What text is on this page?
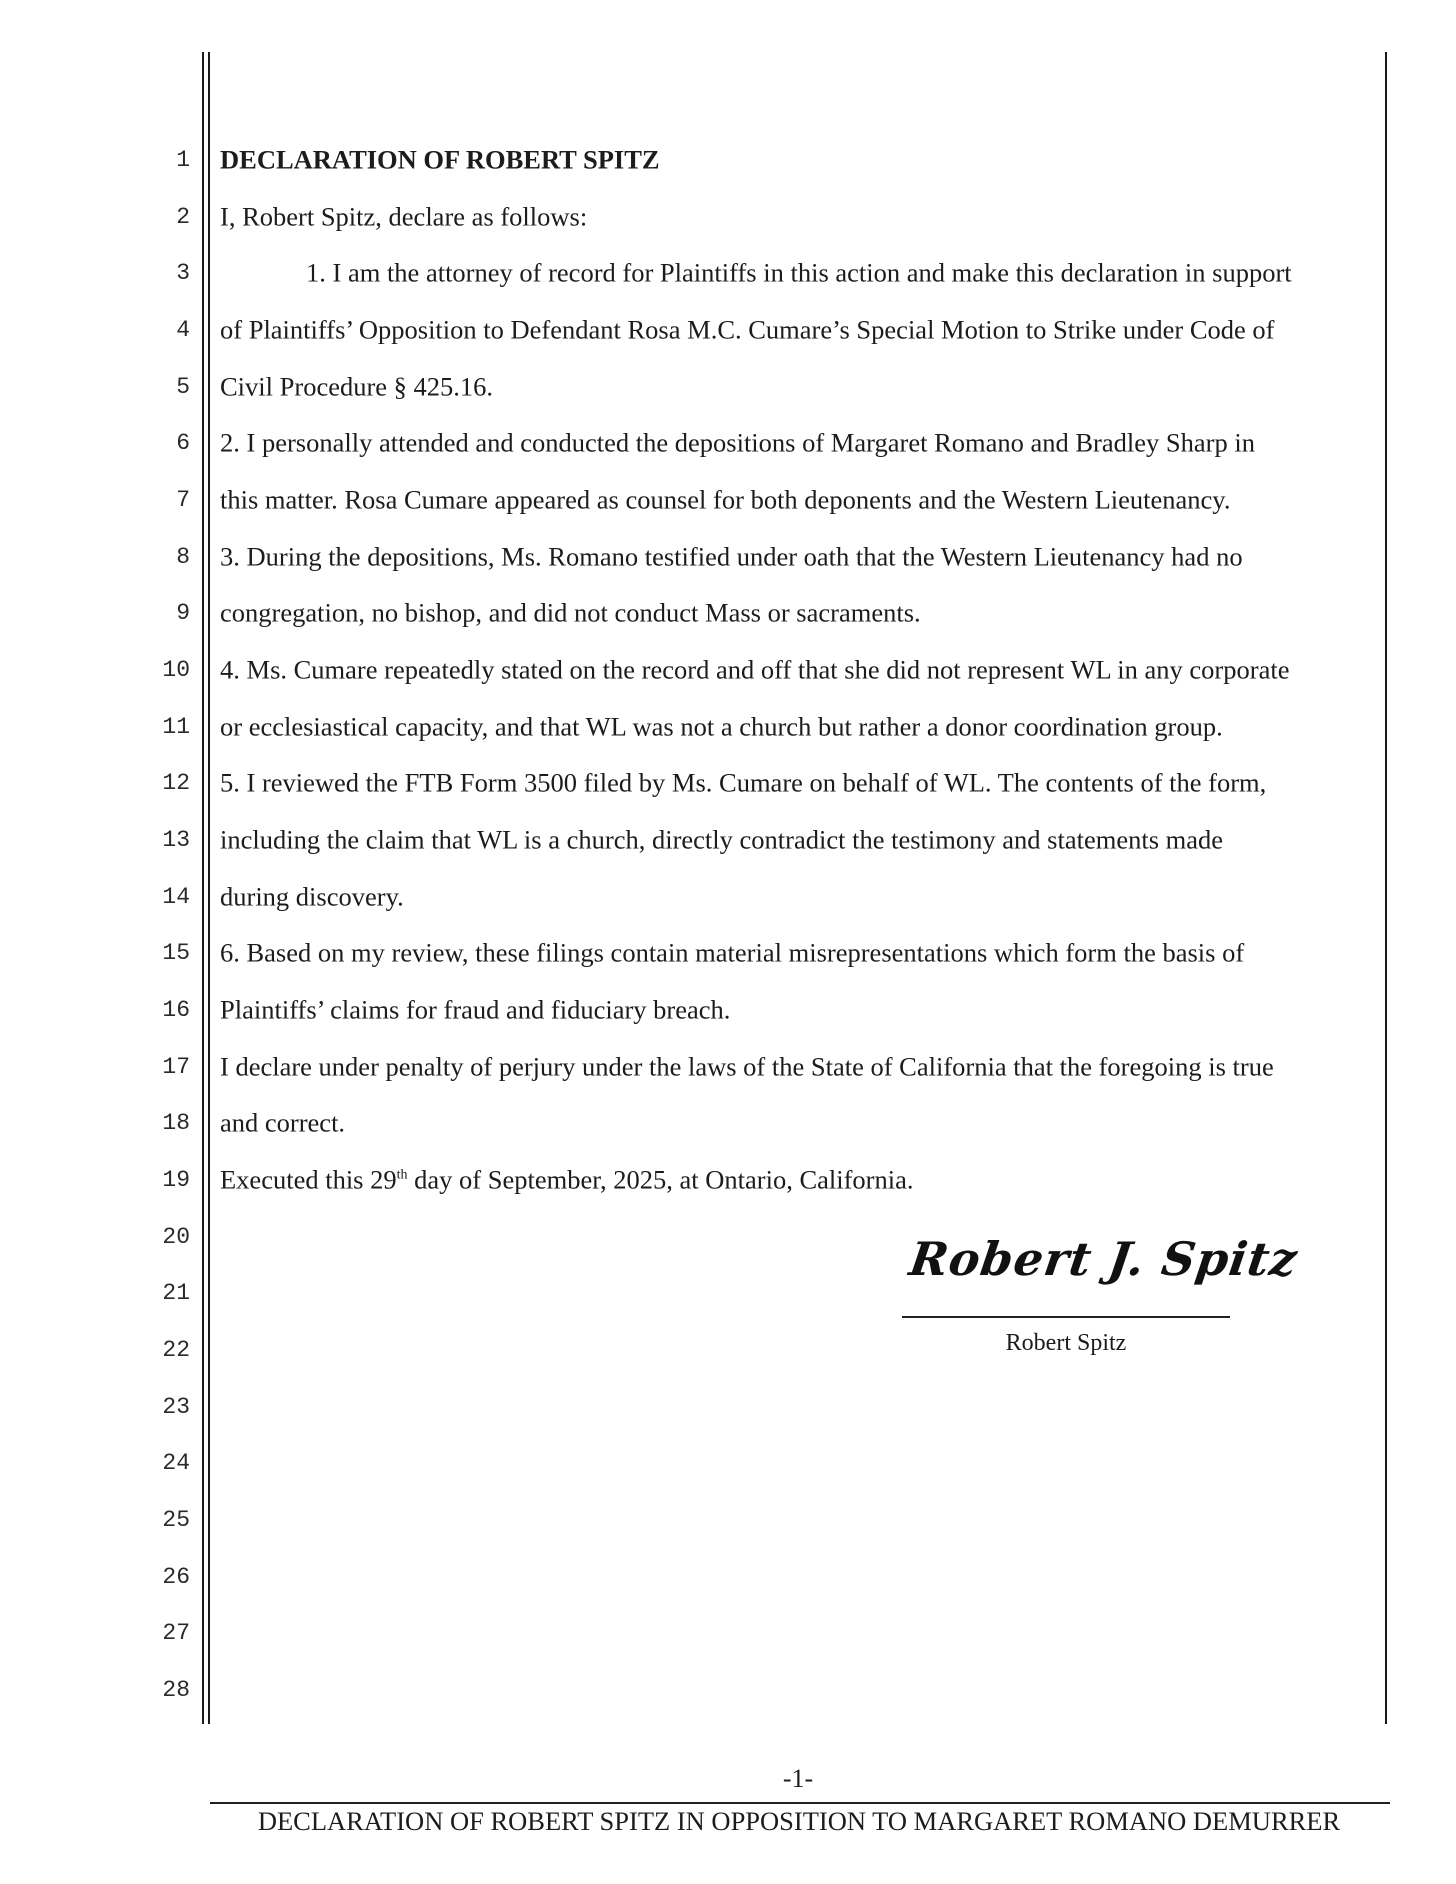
1
2
3
4
5
6
7
8
9
10
11
12
13
14
15
16
17
18
19
20
21
22
23
24
25
26
27
28
DECLARATION OF ROBERT SPITZ
I, Robert Spitz, declare as follows:
1. I am the attorney of record for Plaintiffs in this action and make this declaration in support
of Plaintiffs’ Opposition to Defendant Rosa M.C. Cumare’s Special Motion to Strike under Code of
Civil Procedure § 425.16.
2. I personally attended and conducted the depositions of Margaret Romano and Bradley Sharp in
this matter. Rosa Cumare appeared as counsel for both deponents and the Western Lieutenancy.
3. During the depositions, Ms. Romano testified under oath that the Western Lieutenancy had no
congregation, no bishop, and did not conduct Mass or sacraments.
4. Ms. Cumare repeatedly stated on the record and off that she did not represent WL in any corporate
or ecclesiastical capacity, and that WL was not a church but rather a donor coordination group.
5. I reviewed the FTB Form 3500 filed by Ms. Cumare on behalf of WL. The contents of the form,
including the claim that WL is a church, directly contradict the testimony and statements made
during discovery.
6. Based on my review, these filings contain material misrepresentations which form the basis of
Plaintiffs’ claims for fraud and fiduciary breach.
I declare under penalty of perjury under the laws of the State of California that the foregoing is true
and correct.
Executed this 29th day of September, 2025, at Ontario, California.
Robert J. Spitz
Robert Spitz
-1-
DECLARATION OF ROBERT SPITZ IN OPPOSITION TO MARGARET ROMANO DEMURRER
